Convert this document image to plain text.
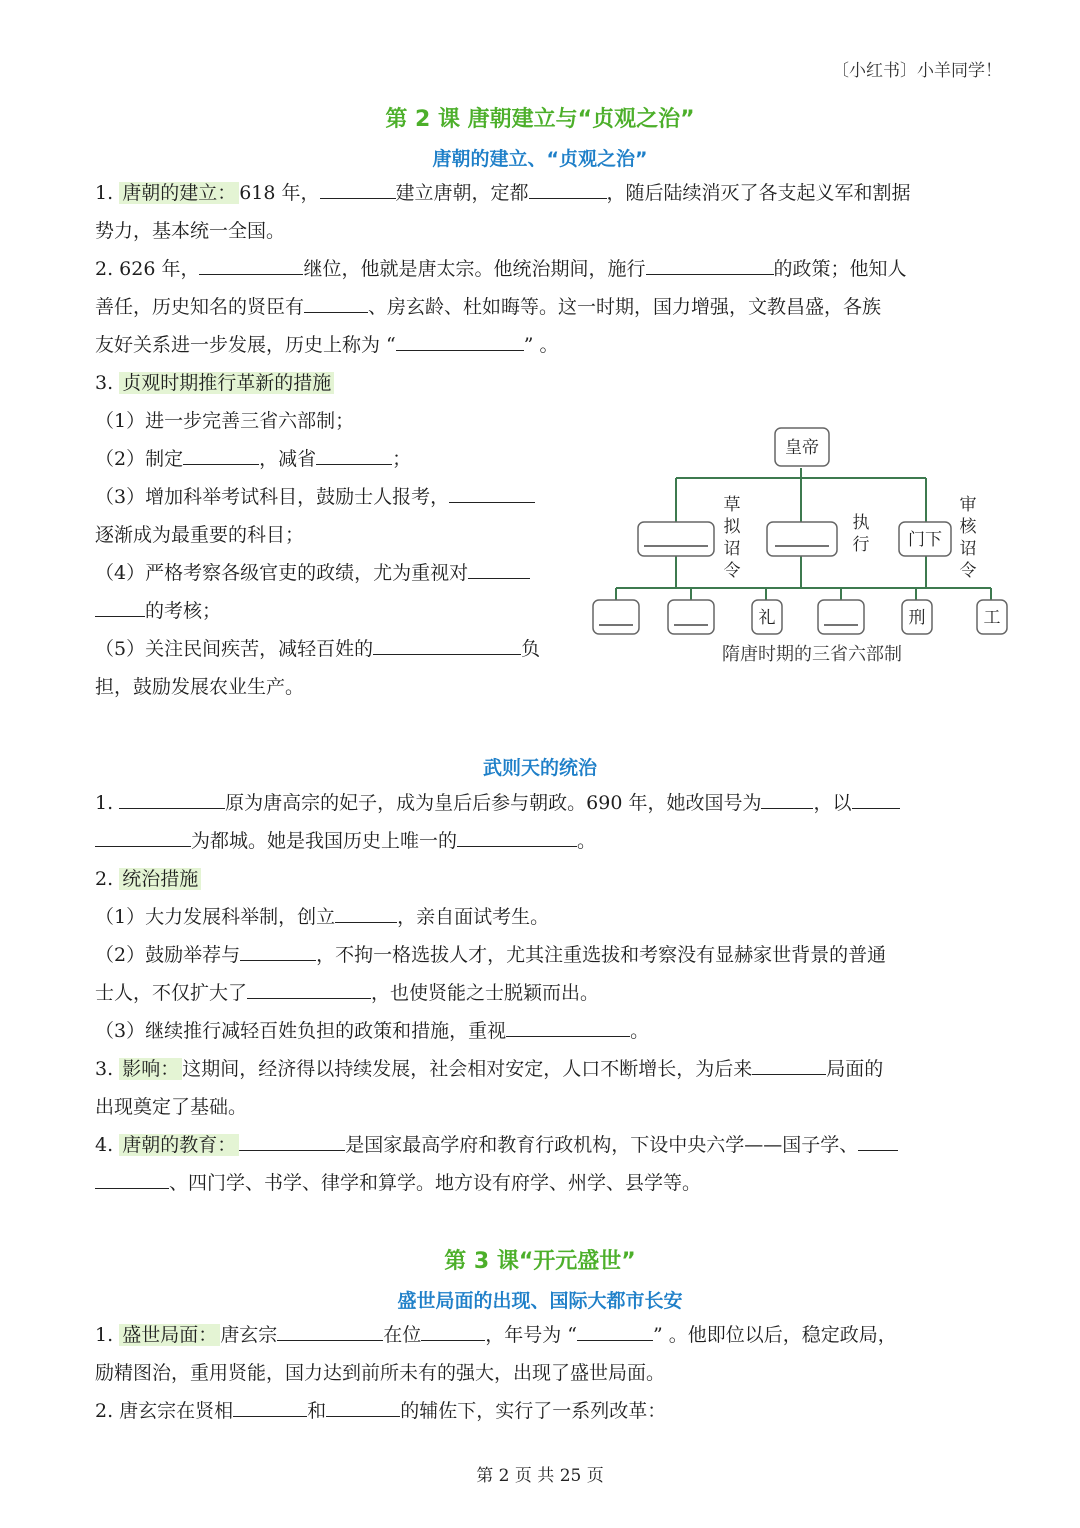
〔小红书〕小羊同学！
第 2 课 唐朝建立与“贞观之治”
唐朝的建立、“贞观之治”
1. 唐朝的建立： 618 年，	建立唐朝，定都	，随后陆续消灭了各支起义军和割据
势力，基本统一全国。
2. 626 年，	继位，他就是唐太宗。他统治期间，施行	的政策；他知人
善任，历史知名的贤臣有	、房玄龄、杜如晦等。这一时期，国力增强，文教昌盛，各族
友好关系进一步发展，历史上称为 “	” 。
3. 贞观时期推行革新的措施
（1）进一步完善三省六部制；
（2）制定	，减省	；
（3）增加科举考试科目，鼓励士人报考，
逐渐成为最重要的科目；
（4）严格考察各级官吏的政绩，尤为重视对
的考核；
（5）关注民间疾苦，减轻百姓的	负
担，鼓励发展农业生产。
皇帝
门下
礼	刑	工
草
拟
诏
令
执
行
审
核
诏
令
隋唐时期的三省六部制
武则天的统治
1.	原为唐高宗的妃子，成为皇后后参与朝政。690 年，她改国号为	，以
为都城。她是我国历史上唯一的	。
2. 统治措施
（1）大力发展科举制，创立	，亲自面试考生。
（2）鼓励举荐与	，不拘一格选拔人才，尤其注重选拔和考察没有显赫家世背景的普通
士人，不仅扩大了	，也使贤能之士脱颖而出。
（3）继续推行减轻百姓负担的政策和措施，重视	。
3. 影响： 这期间，经济得以持续发展，社会相对安定，人口不断增长，为后来	局面的
出现奠定了基础。
4. 唐朝的教育：	是国家最高学府和教育行政机构，下设中央六学——国子学、
、四门学、书学、律学和算学。地方设有府学、州学、县学等。
第 3 课“开元盛世”
盛世局面的出现、国际大都市长安
1. 盛世局面： 唐玄宗	在位	，年号为 “	” 。他即位以后，稳定政局，
励精图治，重用贤能，国力达到前所未有的强大，出现了盛世局面。
2. 唐玄宗在贤相	和	的辅佐下，实行了一系列改革：
第 2 页 共 25 页
